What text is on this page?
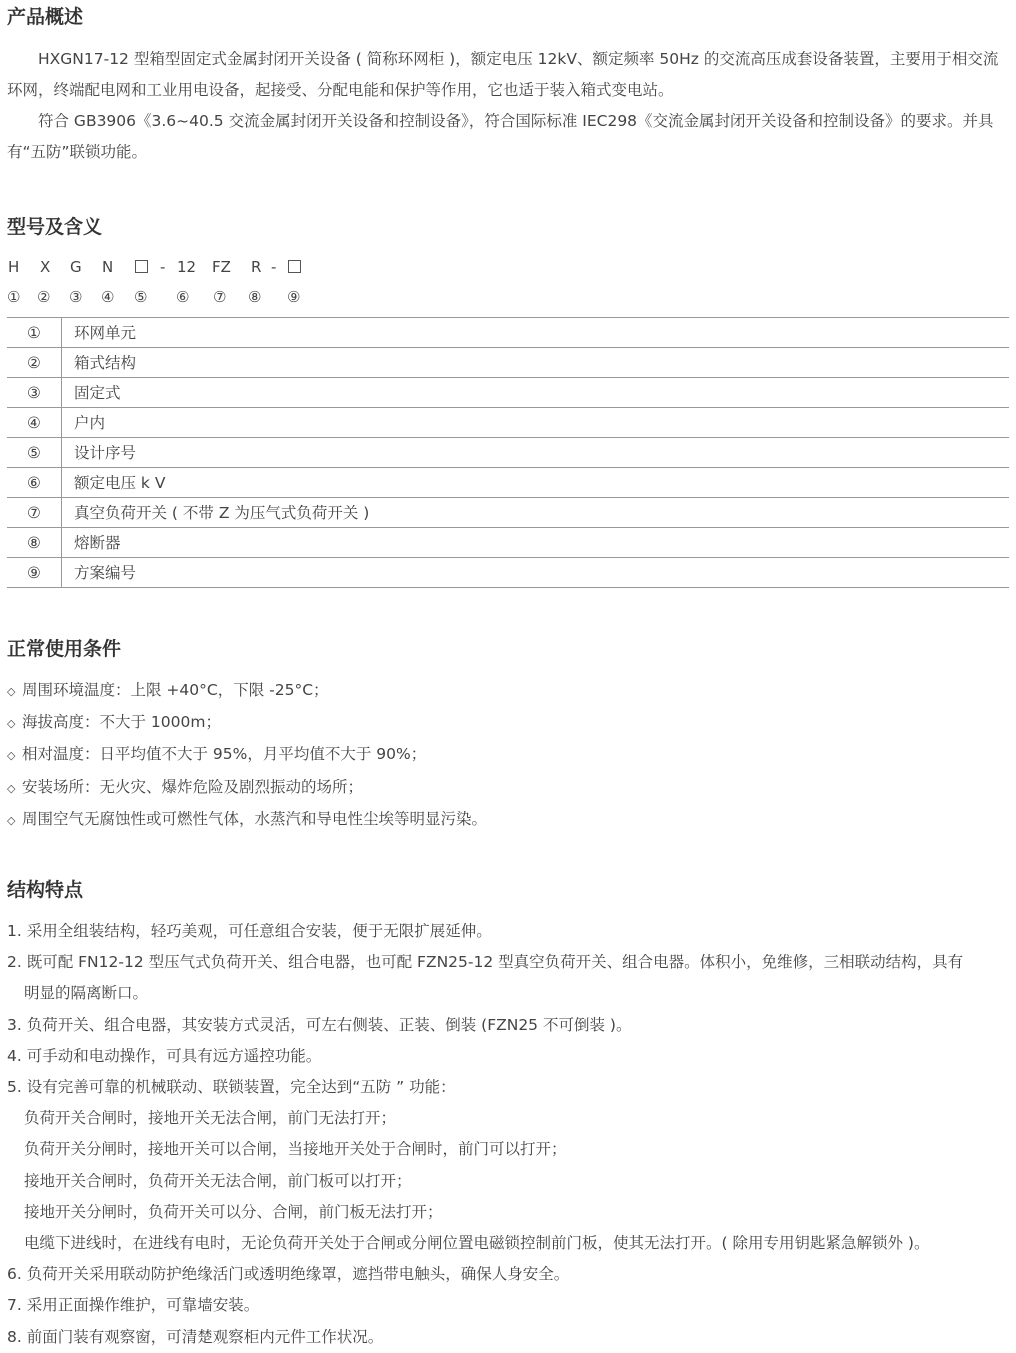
产品概述

HXGN17-12 型箱型固定式金属封闭开关设备 ( 简称环网柜 )，额定电压 12kV、额定频率 50Hz 的交流高压成套设备装置，主要用于相交流环网，终端配电网和工业用电设备，起接受、分配电能和保护等作用，它也适于装入箱式变电站。

符合 GB3906《3.6~40.5 交流金属封闭开关设备和控制设备》，符合国际标准 IEC298《交流金属封闭开关设备和控制设备》的要求。并具有“五防”联锁功能。

型号及含义
H X G N	- 12 FZ R -
① ② ③ ④ ⑤ ⑥ ⑦ ⑧ ⑨
①	环网单元
②	箱式结构
③	固定式
④	户内
⑤	设计序号
⑥	额定电压 k V
⑦	真空负荷开关 ( 不带 Z 为压气式负荷开关 )
⑧	熔断器
⑨	方案编号
正常使用条件
◇ 周围环境温度：上限 +40°C，下限 -25°C；
◇ 海拔高度：不大于 1000m；
◇ 相对温度：日平均值不大于 95%，月平均值不大于 90%；
◇ 安装场所：无火灾、爆炸危险及剧烈振动的场所；
◇ 周围空气无腐蚀性或可燃性气体，水蒸汽和导电性尘埃等明显污染。
结构特点
1. 采用全组装结构，轻巧美观，可任意组合安装，便于无限扩展延伸。
2. 既可配 FN12-12 型压气式负荷开关、组合电器，也可配 FZN25-12 型真空负荷开关、组合电器。体积小，免维修，三相联动结构，具有
明显的隔离断口。
3. 负荷开关、组合电器，其安装方式灵活，可左右侧装、正装、倒装 (FZN25 不可倒装 )。
4. 可手动和电动操作，可具有远方遥控功能。
5. 设有完善可靠的机械联动、联锁装置，完全达到“五防 ” 功能：
负荷开关合闸时，接地开关无法合闸，前门无法打开；
负荷开关分闸时，接地开关可以合闸，当接地开关处于合闸时，前门可以打开；
接地开关合闸时，负荷开关无法合闸，前门板可以打开；
接地开关分闸时，负荷开关可以分、合闸，前门板无法打开；
电缆下进线时，在进线有电时，无论负荷开关处于合闸或分闸位置电磁锁控制前门板，使其无法打开。( 除用专用钥匙紧急解锁外 )。
6. 负荷开关采用联动防护绝缘活门或透明绝缘罩，遮挡带电触头，确保人身安全。
7. 采用正面操作维护，可靠墙安装。
8. 前面门装有观察窗，可清楚观察柜内元件工作状况。
